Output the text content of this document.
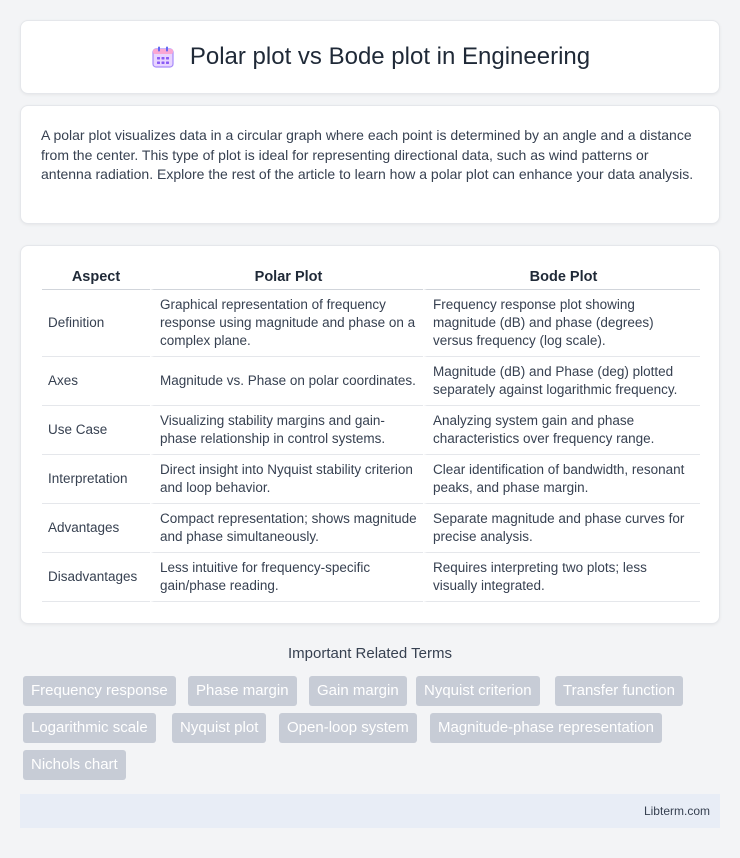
Polar plot vs Bode plot in Engineering

A polar plot visualizes data in a circular graph where each point is determined by an angle and a distance from the center. This type of plot is ideal for representing directional data, such as wind patterns or antenna radiation. Explore the rest of the article to learn how a polar plot can enhance your data analysis.

Aspect	Polar Plot	Bode Plot
Definition	Graphical representation of frequency response using magnitude and phase on a complex plane.	Frequency response plot showing magnitude (dB) and phase (degrees) versus frequency (log scale).
Axes	Magnitude vs. Phase on polar coordinates.	Magnitude (dB) and Phase (deg) plotted separately against logarithmic frequency.
Use Case	Visualizing stability margins and gain-phase relationship in control systems.	Analyzing system gain and phase characteristics over frequency range.
Interpretation	Direct insight into Nyquist stability criterion and loop behavior.	Clear identification of bandwidth, resonant peaks, and phase margin.
Advantages	Compact representation; shows magnitude and phase simultaneously.	Separate magnitude and phase curves for precise analysis.
Disadvantages	Less intuitive for frequency-specific gain/phase reading.	Requires interpreting two plots; less visually integrated.
Important Related Terms
Frequency response	Phase margin	Gain margin	Nyquist criterion	Transfer function
Logarithmic scale	Nyquist plot	Open-loop system	Magnitude-phase representation
Nichols chart
Libterm.com
